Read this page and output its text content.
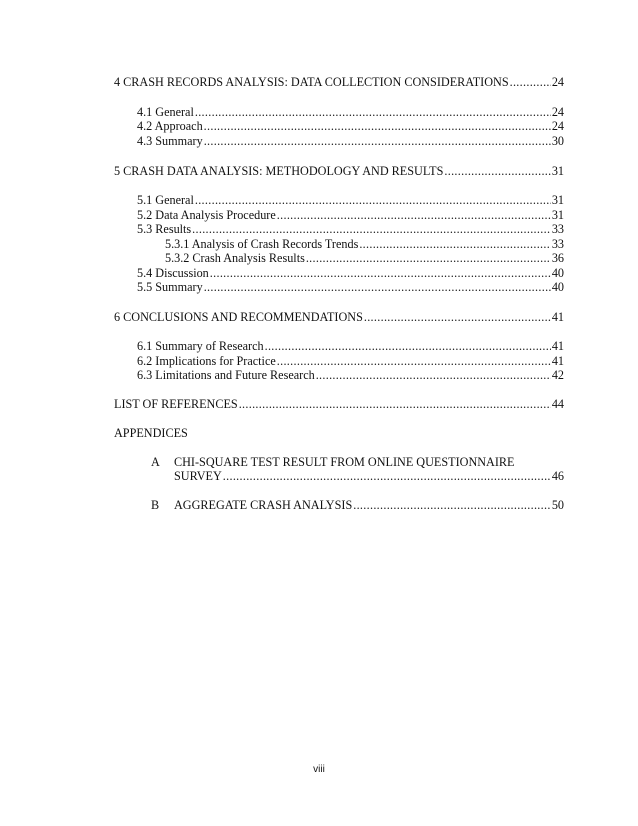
4 CRASH RECORDS ANALYSIS: DATA COLLECTION CONSIDERATIONS .....	24
4.1 General .....	24
4.2 Approach .....	24
4.3 Summary .....	30
5 CRASH DATA ANALYSIS: METHODOLOGY AND RESULTS .....	31
5.1 General .....	31
5.2 Data Analysis Procedure .....	31
5.3 Results .....	33
5.3.1 Analysis of Crash Records Trends .....	33
5.3.2 Crash Analysis Results .....	36
5.4 Discussion .....	40
5.5 Summary .....	40
6 CONCLUSIONS AND RECOMMENDATIONS .....	41
6.1 Summary of Research .....	41
6.2 Implications for Practice .....	41
6.3 Limitations and Future Research .....	42
LIST OF REFERENCES .....	44
APPENDICES
A CHI-SQUARE TEST RESULT FROM ONLINE QUESTIONNAIRE
SURVEY .....	46
B AGGREGATE CRASH ANALYSIS .....	50
viii
